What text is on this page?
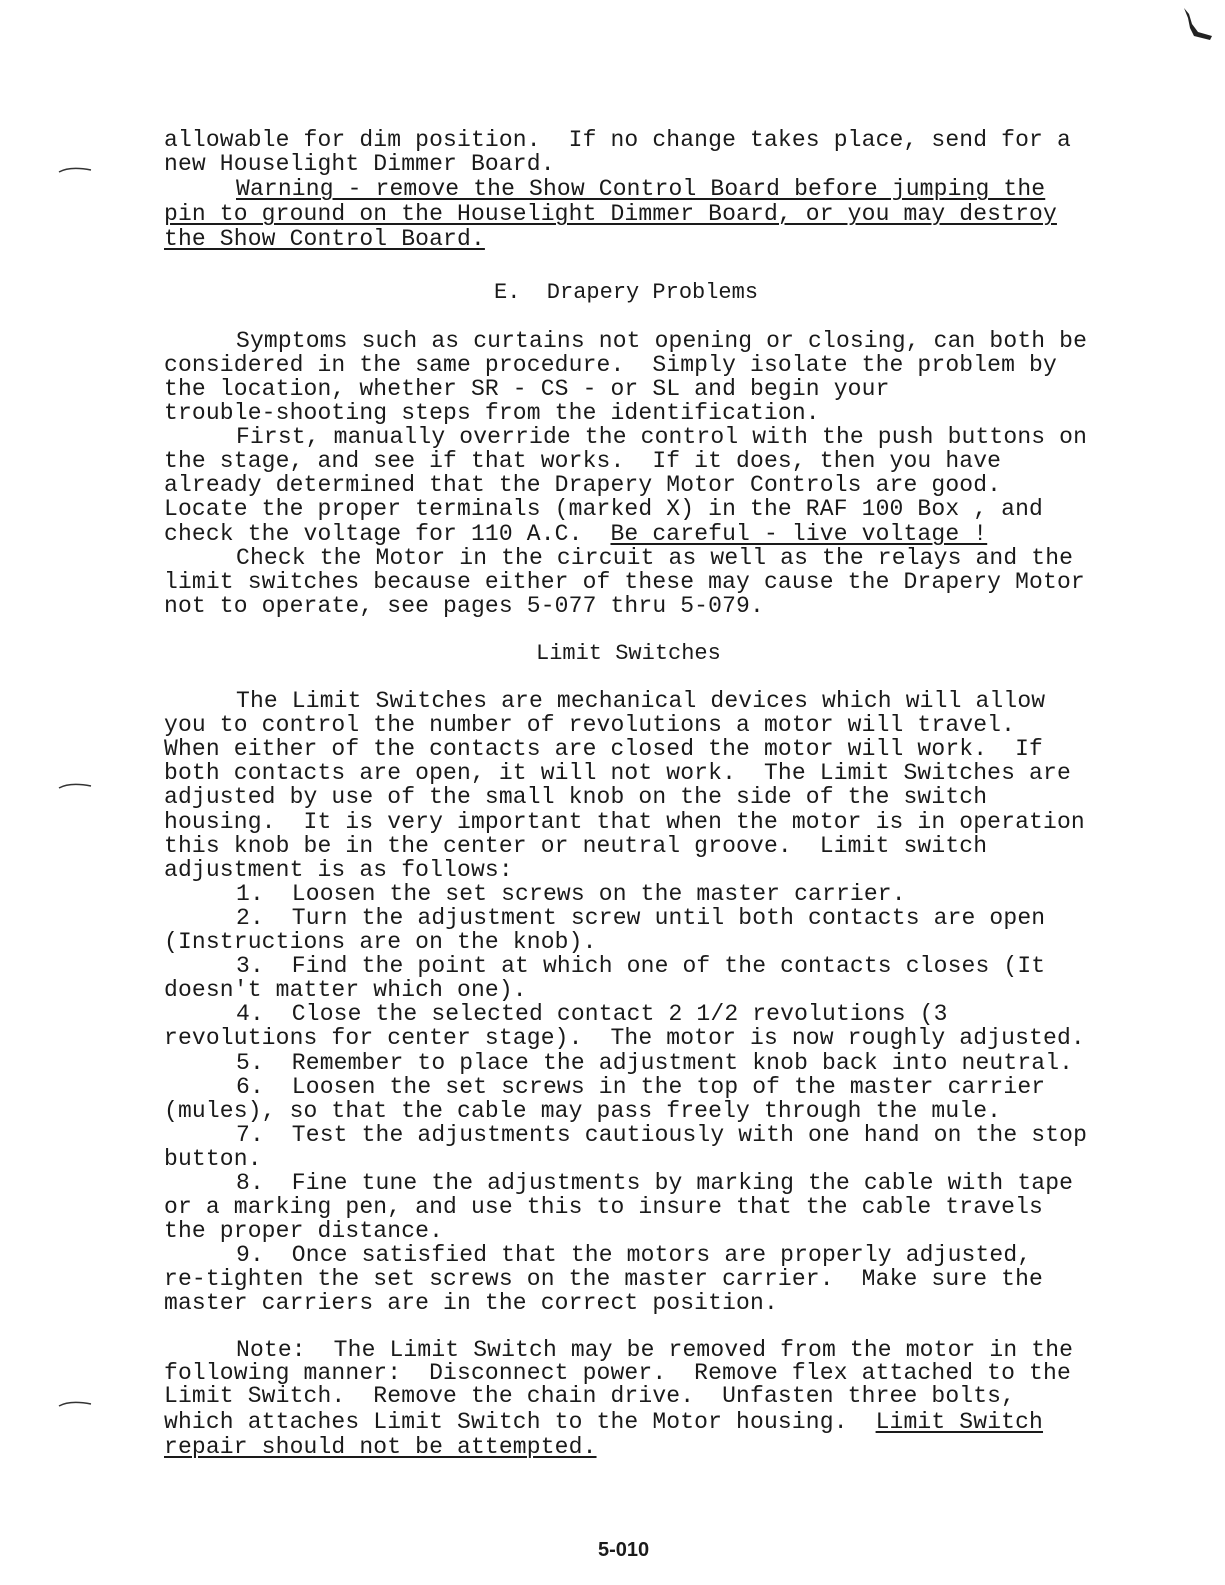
allowable for dim position.  If no change takes place, send for a
new Houselight Dimmer Board.
Warning - remove the Show Control Board before jumping the
pin to ground on the Houselight Dimmer Board, or you may destroy
the Show Control Board.
E.  Drapery Problems
Symptoms such as curtains not opening or closing, can both be
considered in the same procedure.  Simply isolate the problem by
the location, whether SR - CS - or SL and begin your
trouble-shooting steps from the identification.
First, manually override the control with the push buttons on
the stage, and see if that works.  If it does, then you have
already determined that the Drapery Motor Controls are good.
Locate the proper terminals (marked X) in the RAF 100 Box , and
check the voltage for 110 A.C.  Be careful - live voltage !
Check the Motor in the circuit as well as the relays and the
limit switches because either of these may cause the Drapery Motor
not to operate, see pages 5-077 thru 5-079.
Limit Switches
The Limit Switches are mechanical devices which will allow
you to control the number of revolutions a motor will travel.
When either of the contacts are closed the motor will work.  If
both contacts are open, it will not work.  The Limit Switches are
adjusted by use of the small knob on the side of the switch
housing.  It is very important that when the motor is in operation
this knob be in the center or neutral groove.  Limit switch
adjustment is as follows:
1.  Loosen the set screws on the master carrier.
2.  Turn the adjustment screw until both contacts are open
(Instructions are on the knob).
3.  Find the point at which one of the contacts closes (It
doesn't matter which one).
4.  Close the selected contact 2 1/2 revolutions (3
revolutions for center stage).  The motor is now roughly adjusted.
5.  Remember to place the adjustment knob back into neutral.
6.  Loosen the set screws in the top of the master carrier
(mules), so that the cable may pass freely through the mule.
7.  Test the adjustments cautiously with one hand on the stop
button.
8.  Fine tune the adjustments by marking the cable with tape
or a marking pen, and use this to insure that the cable travels
the proper distance.
9.  Once satisfied that the motors are properly adjusted,
re-tighten the set screws on the master carrier.  Make sure the
master carriers are in the correct position.
Note:  The Limit Switch may be removed from the motor in the
following manner:  Disconnect power.  Remove flex attached to the
Limit Switch.  Remove the chain drive.  Unfasten three bolts,
which attaches Limit Switch to the Motor housing.  Limit Switch
repair should not be attempted.
5-010
